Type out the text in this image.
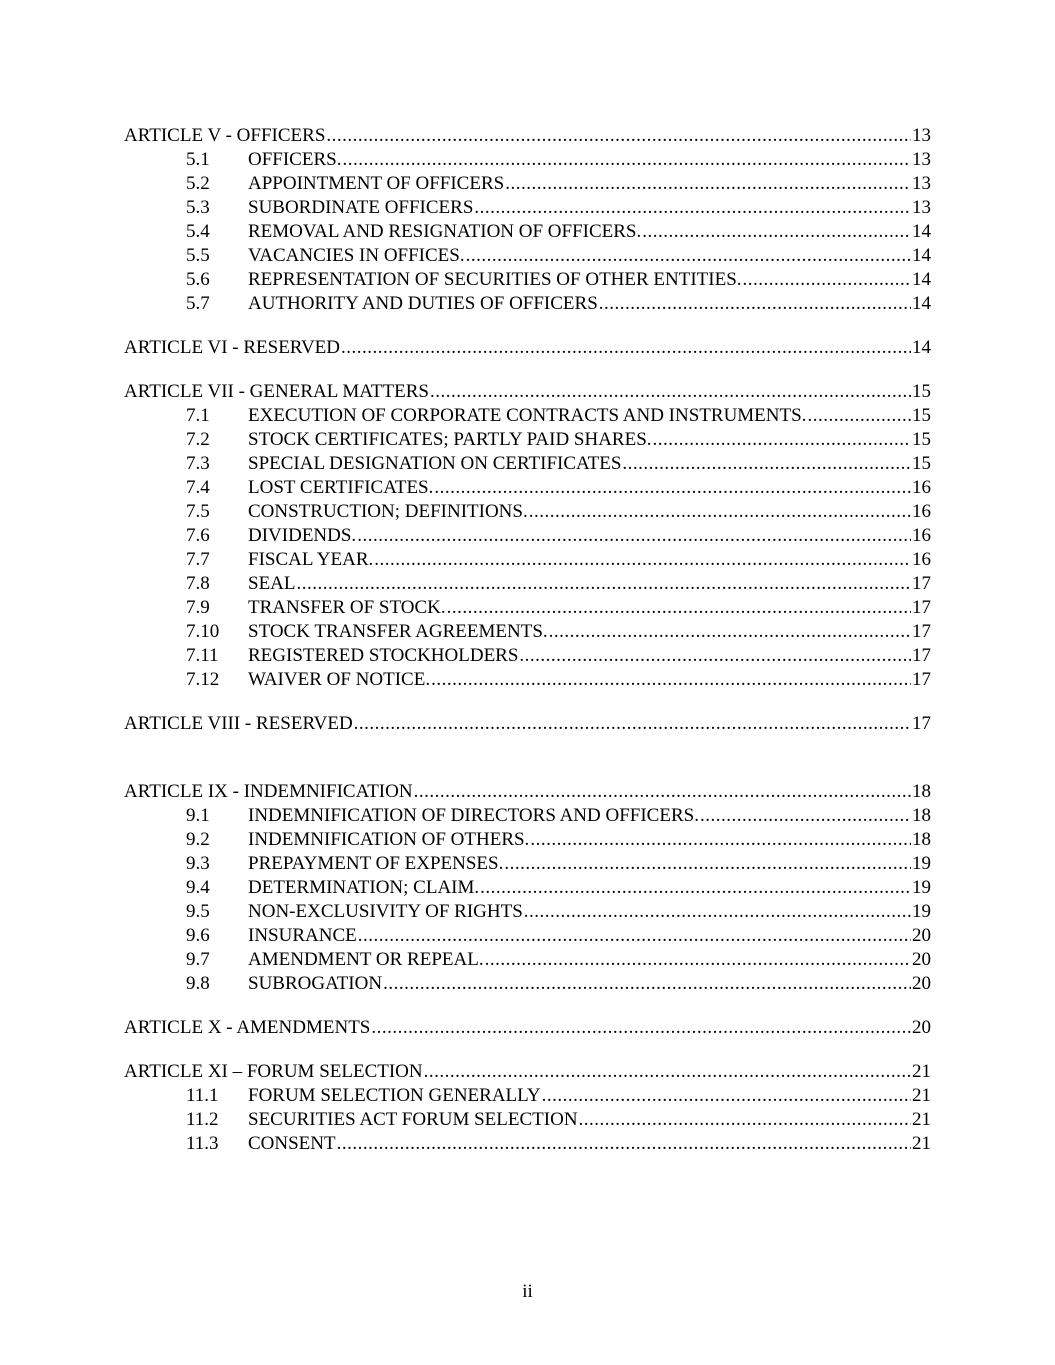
ARTICLE V - OFFICERS .....	13
5.1	OFFICERS. .....	13
5.2	APPOINTMENT OF OFFICERS .....	13
5.3	SUBORDINATE OFFICERS .....	13
5.4	REMOVAL AND RESIGNATION OF OFFICERS. .....	14
5.5	VACANCIES IN OFFICES. .....	14
5.6	REPRESENTATION OF SECURITIES OF OTHER ENTITIES. .....	14
5.7	AUTHORITY AND DUTIES OF OFFICERS .....	14
ARTICLE VI - RESERVED .....	14
ARTICLE VII - GENERAL MATTERS .....	15
7.1	EXECUTION OF CORPORATE CONTRACTS AND INSTRUMENTS. .....	15
7.2	STOCK CERTIFICATES; PARTLY PAID SHARES. .....	15
7.3	SPECIAL DESIGNATION ON CERTIFICATES .....	15
7.4	LOST CERTIFICATES. .....	16
7.5	CONSTRUCTION; DEFINITIONS. .....	16
7.6	DIVIDENDS. .....	16
7.7	FISCAL YEAR. .....	16
7.8	SEAL .....	17
7.9	TRANSFER OF STOCK. .....	17
7.10	STOCK TRANSFER AGREEMENTS. .....	17
7.11	REGISTERED STOCKHOLDERS .....	17
7.12	WAIVER OF NOTICE. .....	17
ARTICLE VIII - RESERVED .....	17
ARTICLE IX - INDEMNIFICATION .....	18
9.1	INDEMNIFICATION OF DIRECTORS AND OFFICERS. .....	18
9.2	INDEMNIFICATION OF OTHERS. .....	18
9.3	PREPAYMENT OF EXPENSES. .....	19
9.4	DETERMINATION; CLAIM. .....	19
9.5	NON-EXCLUSIVITY OF RIGHTS .....	19
9.6	INSURANCE .....	20
9.7	AMENDMENT OR REPEAL. .....	20
9.8	SUBROGATION .....	20
ARTICLE X - AMENDMENTS .....	20
ARTICLE XI – FORUM SELECTION .....	21
11.1	FORUM SELECTION GENERALLY .....	21
11.2	SECURITIES ACT FORUM SELECTION .....	21
11.3	CONSENT .....	21
ii
